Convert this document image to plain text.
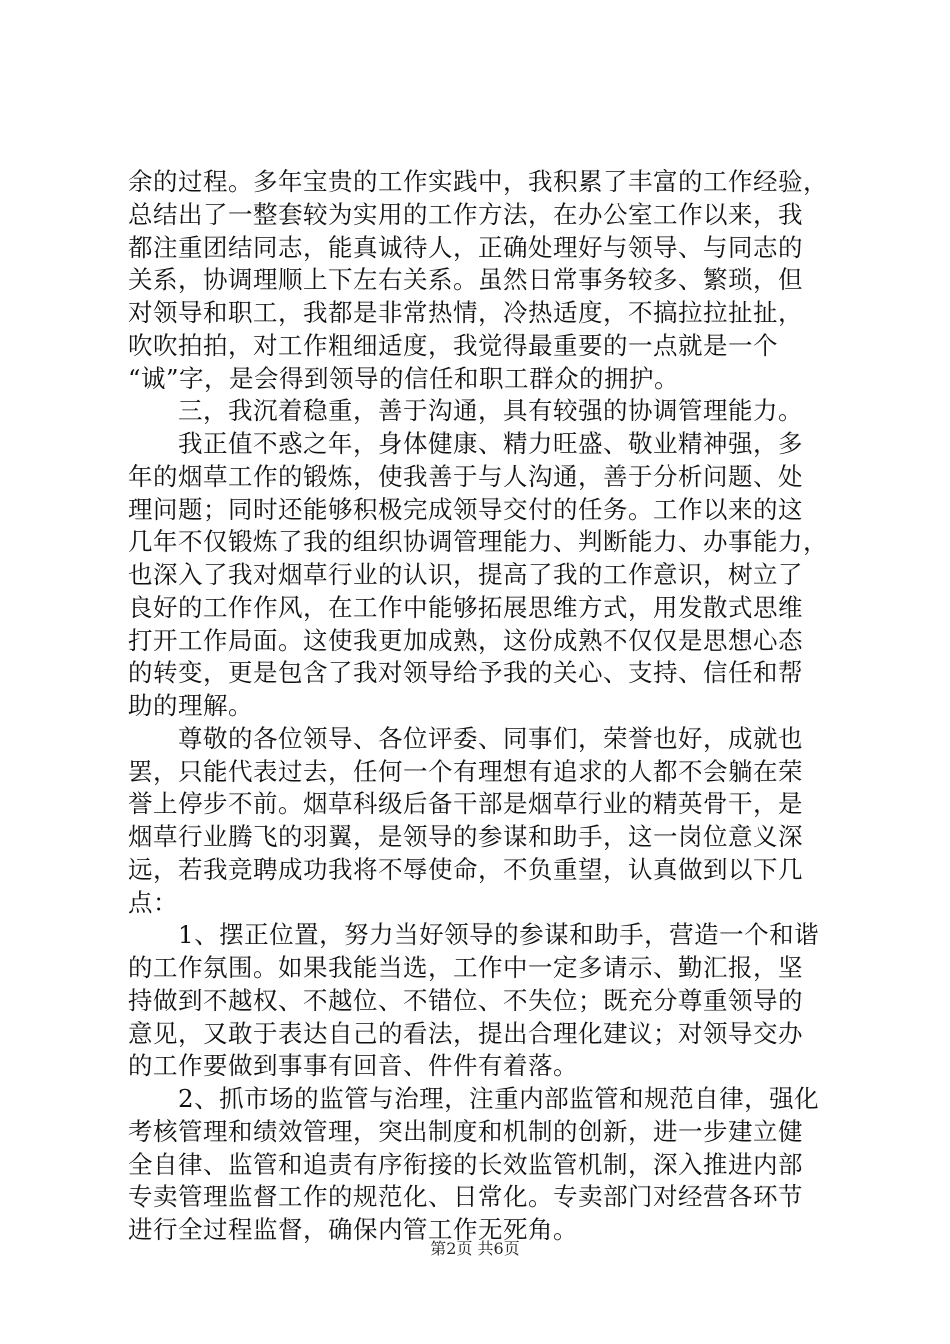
余的过程。多年宝贵的工作实践中，我积累了丰富的工作经验，
总结出了一整套较为实用的工作方法，在办公室工作以来，我
都注重团结同志，能真诚待人，正确处理好与领导、与同志的
关系，协调理顺上下左右关系。虽然日常事务较多、繁琐，但
对领导和职工，我都是非常热情，冷热适度，不搞拉拉扯扯，
吹吹拍拍，对工作粗细适度，我觉得最重要的一点就是一个
“诚”字，是会得到领导的信任和职工群众的拥护。
　　三，我沉着稳重，善于沟通，具有较强的协调管理能力。
　　我正值不惑之年，身体健康、精力旺盛、敬业精神强，多
年的烟草工作的锻炼，使我善于与人沟通，善于分析问题、处
理问题；同时还能够积极完成领导交付的任务。工作以来的这
几年不仅锻炼了我的组织协调管理能力、判断能力、办事能力，
也深入了我对烟草行业的认识，提高了我的工作意识，树立了
良好的工作作风，在工作中能够拓展思维方式，用发散式思维
打开工作局面。这使我更加成熟，这份成熟不仅仅是思想心态
的转变，更是包含了我对领导给予我的关心、支持、信任和帮
助的理解。
　　尊敬的各位领导、各位评委、同事们，荣誉也好，成就也
罢，只能代表过去，任何一个有理想有追求的人都不会躺在荣
誉上停步不前。烟草科级后备干部是烟草行业的精英骨干，是
烟草行业腾飞的羽翼，是领导的参谋和助手，这一岗位意义深
远，若我竞聘成功我将不辱使命，不负重望，认真做到以下几
点：
　　1、摆正位置，努力当好领导的参谋和助手，营造一个和谐
的工作氛围。如果我能当选，工作中一定多请示、勤汇报，坚
持做到不越权、不越位、不错位、不失位；既充分尊重领导的
意见，又敢于表达自己的看法，提出合理化建议；对领导交办
的工作要做到事事有回音、件件有着落。
　　2、抓市场的监管与治理，注重内部监管和规范自律，强化
考核管理和绩效管理，突出制度和机制的创新，进一步建立健
全自律、监管和追责有序衔接的长效监管机制，深入推进内部
专卖管理监督工作的规范化、日常化。专卖部门对经营各环节
进行全过程监督，确保内管工作无死角。
第2页 共6页
